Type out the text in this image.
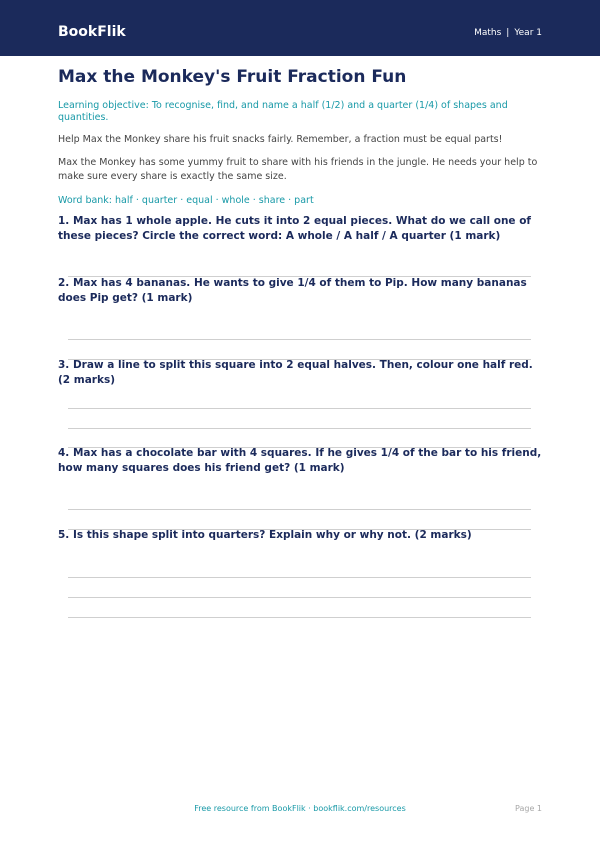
BookFlik	Maths | Year 1
Max the Monkey's Fruit Fraction Fun
Learning objective: To recognise, find, and name a half (1/2) and a quarter (1/4) of shapes and quantities.
Help Max the Monkey share his fruit snacks fairly. Remember, a fraction must be equal parts!
Max the Monkey has some yummy fruit to share with his friends in the jungle. He needs your help to make sure every share is exactly the same size.
Word bank: half · quarter · equal · whole · share · part
1. Max has 1 whole apple. He cuts it into 2 equal pieces. What do we call one of these pieces? Circle the correct word: A whole / A half / A quarter (1 mark)
2. Max has 4 bananas. He wants to give 1/4 of them to Pip. How many bananas does Pip get? (1 mark)
3. Draw a line to split this square into 2 equal halves. Then, colour one half red. (2 marks)
4. Max has a chocolate bar with 4 squares. If he gives 1/4 of the bar to his friend, how many squares does his friend get? (1 mark)
5. Is this shape split into quarters? Explain why or why not. (2 marks)
Free resource from BookFlik · bookflik.com/resources	Page 1
